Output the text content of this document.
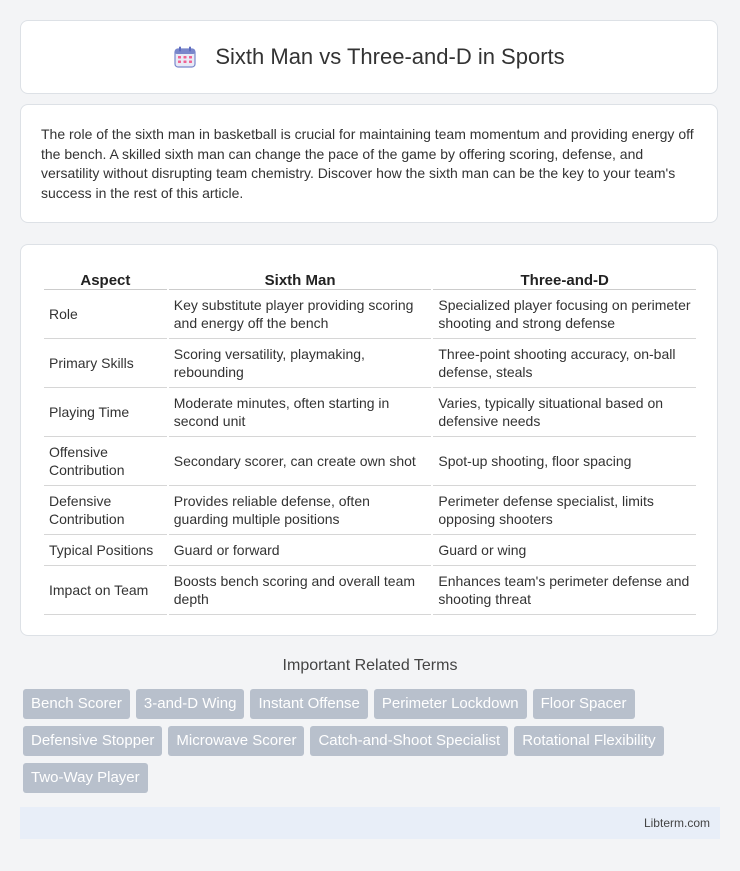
Sixth Man vs Three-and-D in Sports

The role of the sixth man in basketball is crucial for maintaining team momentum and providing energy off the bench. A skilled sixth man can change the pace of the game by offering scoring, defense, and versatility without disrupting team chemistry. Discover how the sixth man can be the key to your team's success in the rest of this article.

Aspect	Sixth Man	Three-and-D
Role	Key substitute player providing scoring and energy off the bench	Specialized player focusing on perimeter shooting and strong defense
Primary Skills	Scoring versatility, playmaking, rebounding	Three-point shooting accuracy, on-ball defense, steals
Playing Time	Moderate minutes, often starting in second unit	Varies, typically situational based on defensive needs
Offensive Contribution	Secondary scorer, can create own shot	Spot-up shooting, floor spacing
Defensive Contribution	Provides reliable defense, often guarding multiple positions	Perimeter defense specialist, limits opposing shooters
Typical Positions	Guard or forward	Guard or wing
Impact on Team	Boosts bench scoring and overall team depth	Enhances team's perimeter defense and shooting threat
Important Related Terms
Bench Scorer	3-and-D Wing	Instant Offense	Perimeter Lockdown	Floor Spacer
Defensive Stopper	Microwave Scorer	Catch-and-Shoot Specialist	Rotational Flexibility
Two-Way Player
Libterm.com
